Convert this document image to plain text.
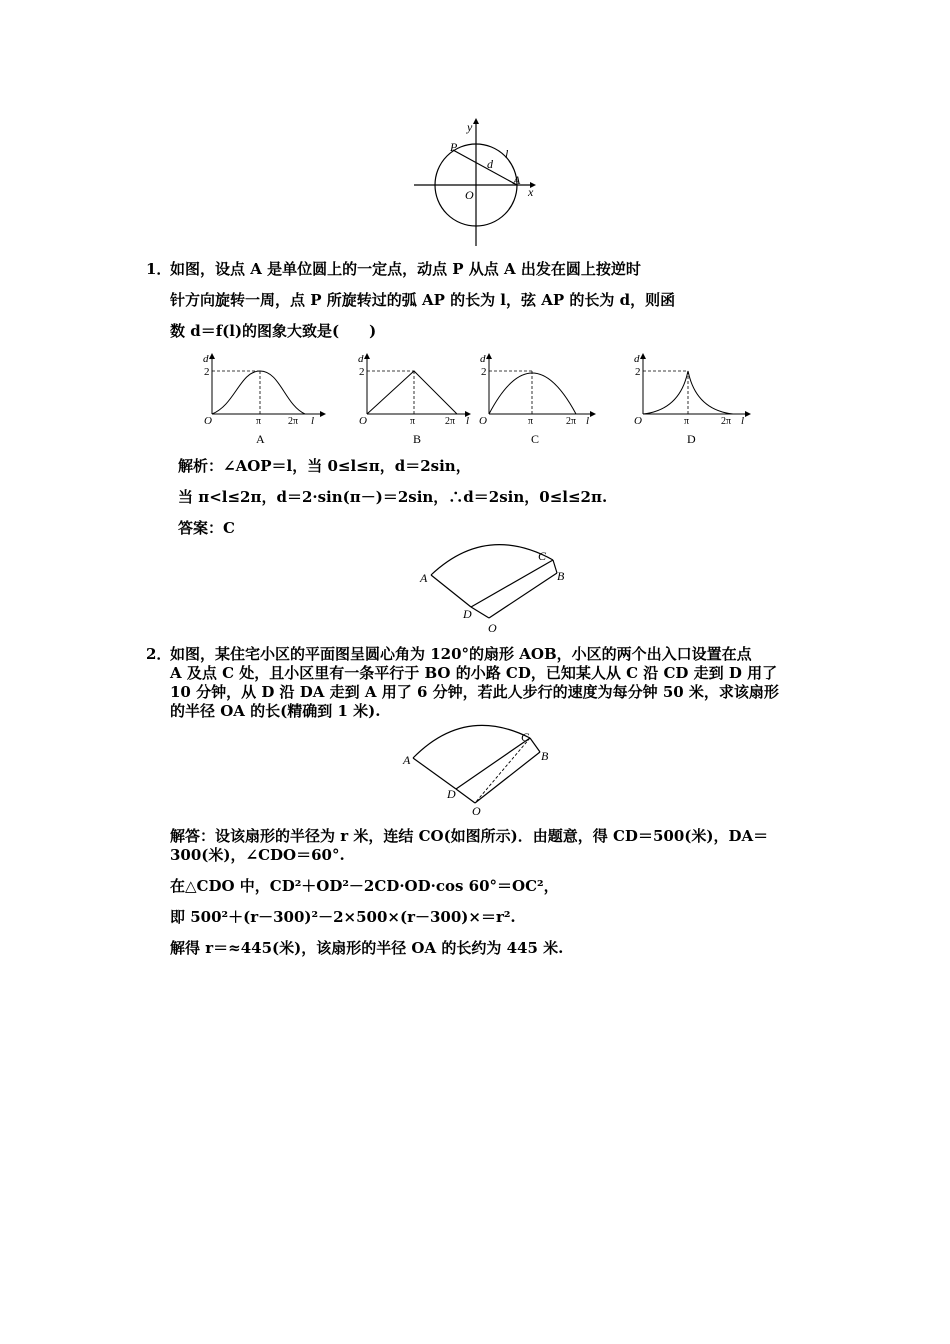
y
x
P
A
O
d
l
1．
如图，设点 A 是单位圆上的一定点，动点 P 从点 A 出发在圆上按逆时
针方向旋转一周，点 P 所旋转过的弧 AP 的长为 l，弦 AP 的长为 d，则函
数 d＝f(l)的图象大致是(　　)
d
2
O	π	2π l
A
d
2
O	π	2π l
B
d
2
O	π	2π l
C
d
2
O	π	2π l
D
解析：∠AOP＝l，当 0≤l≤π，d＝2sin，
当 π<l≤2π，d＝2·sin(π－)＝2sin，∴d＝2sin，0≤l≤2π.
答案：C
A
C
B
D
O
2．
如图，某住宅小区的平面图呈圆心角为 120°的扇形 AOB，小区的两个出入口设置在点
A 及点 C 处，且小区里有一条平行于 BO 的小路 CD，已知某人从 C 沿 CD 走到 D 用了
10 分钟，从 D 沿 DA 走到 A 用了 6 分钟，若此人步行的速度为每分钟 50 米，求该扇形
的半径 OA 的长(精确到 1 米).
A
C
B
D
O
解答：设该扇形的半径为 r 米，连结 CO(如图所示)．由题意，得 CD＝500(米)，DA＝
300(米)，∠CDO＝60°.
在△CDO 中，CD²＋OD²－2CD·OD·cos 60°＝OC²，
即 500²＋(r－300)²－2×500×(r－300)×＝r².
解得 r＝≈445(米)，该扇形的半径 OA 的长约为 445 米.
